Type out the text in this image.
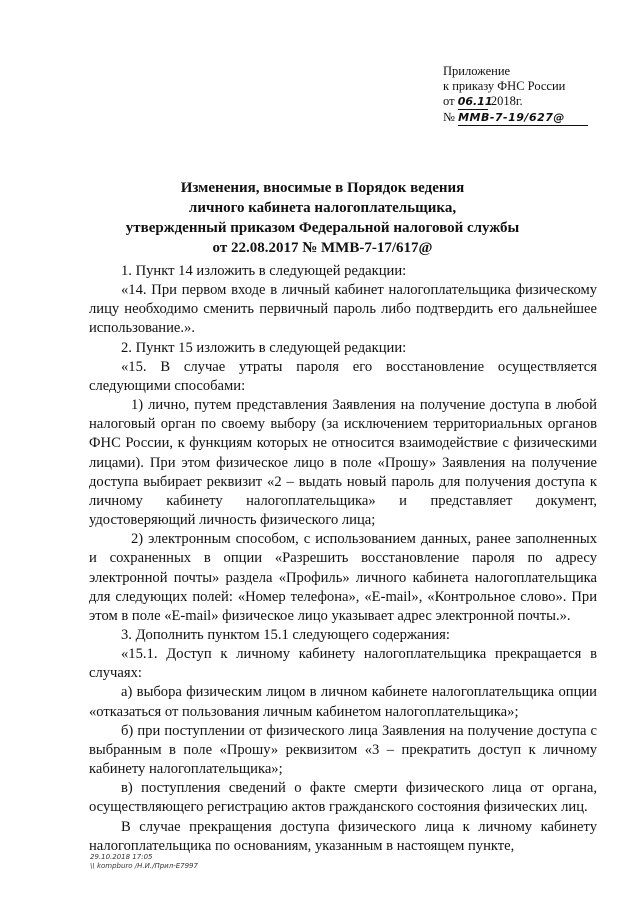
Приложение
к приказу ФНС России
от 06.11 2018г.
№ ММВ-7-19/627@
Изменения, вносимые в Порядок ведения
личного кабинета налогоплательщика,
утвержденный приказом Федеральной налоговой службы
от 22.08.2017 № ММВ-7-17/617@

1. Пункт 14 изложить в следующей редакции:

«14. При первом входе в личный кабинет налогоплательщика физическому лицу необходимо сменить первичный пароль либо подтвердить его дальнейшее использование.».

2. Пункт 15 изложить в следующей редакции:

«15. В случае утраты пароля его восстановление осуществляется следующими способами:

1) лично, путем представления Заявления на получение доступа в любой налоговый орган по своему выбору (за исключением территориальных органов ФНС России, к функциям которых не относится взаимодействие с физическими лицами). При этом физическое лицо в поле «Прошу» Заявления на получение доступа выбирает реквизит «2 – выдать новый пароль для получения доступа к личному кабинету налогоплательщика» и представляет документ, удостоверяющий личность физического лица;

2) электронным способом, с использованием данных, ранее заполненных и сохраненных в опции «Разрешить восстановление пароля по адресу электронной почты» раздела «Профиль» личного кабинета налогоплательщика для следующих полей: «Номер телефона», «E-mail», «Контрольное слово». При этом в поле «E-mail» физическое лицо указывает адрес электронной почты.».

3. Дополнить пунктом 15.1 следующего содержания:

«15.1. Доступ к личному кабинету налогоплательщика прекращается в случаях:

а) выбора физическим лицом в личном кабинете налогоплательщика опции «отказаться от пользования личным кабинетом налогоплательщика»;

б) при поступлении от физического лица Заявления на получение доступа с выбранным в поле «Прошу» реквизитом «3 – прекратить доступ к личному кабинету налогоплательщика»;

в) поступления сведений о факте смерти физического лица от органа, осуществляющего регистрацию актов гражданского состояния физических лиц.

В случае прекращения доступа физического лица к личному кабинету налогоплательщика по основаниям, указанным в настоящем пункте,

29.10.2018 17:05
\\ kompburo /Н.И./Прил-Е7997
